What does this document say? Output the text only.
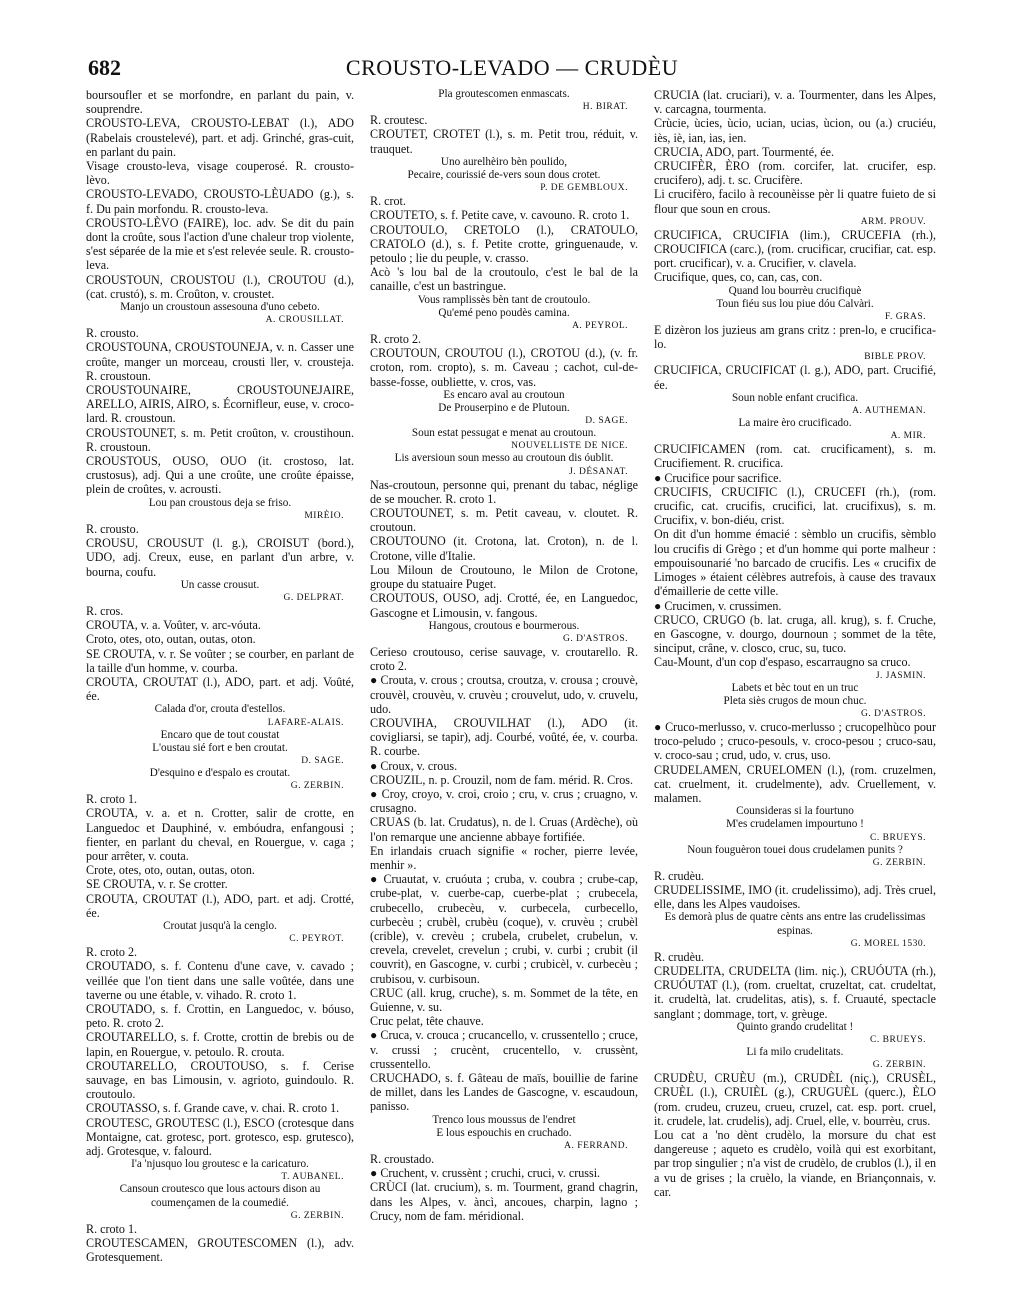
682	CROUSTO-LEVADO — CRUDÈU

boursoufler et se morfondre, en parlant du pain, v. souprendre.

CROUSTO-LEVA, CROUSTO-LEBAT (l.), ADO (Rabelais croustelevé), part. et adj. Grinché, gras-cuit, en parlant du pain.

Visage crousto-leva, visage couperosé. R. crousto-lèvo.

CROUSTO-LEVADO, CROUSTO-LÈUADO (g.), s. f. Du pain morfondu. R. crousto-leva.

CROUSTO-LÈVO (FAIRE), loc. adv. Se dit du pain dont la croûte, sous l'action d'une chaleur trop violente, s'est séparée de la mie et s'est relevée seule. R. crousto-leva.

CROUSTOUN, CROUSTOU (l.), CROUTOU (d.), (cat. crustó), s. m. Croûton, v. croustet.

Manjo un croustoun assesouna d'uno cebeto.

A. CROUSILLAT.

R. crousto.

CROUSTOUNA, CROUSTOUNEJA, v. n. Casser une croûte, manger un morceau, crousti ller, v. crousteja. R. croustoun.

CROUSTOUNAIRE, CROUSTOUNEJAIRE, ARELLO, AIRIS, AIRO, s. Écornifleur, euse, v. croco-lard. R. croustoun.

CROUSTOUNET, s. m. Petit croûton, v. croustihoun. R. croustoun.

CROUSTOUS, OUSO, OUO (it. crostoso, lat. crustosus), adj. Qui a une croûte, une croûte épaisse, plein de croûtes, v. acrousti.

Lou pan croustous deja se friso.

MIRÈIO.

R. crousto.

CROUSU, CROUSUT (l. g.), CROISUT (bord.), UDO, adj. Creux, euse, en parlant d'un arbre, v. bourna, coufu.

Un casse crousut.

G. DELPRAT.

R. cros.

CROUTA, v. a. Voûter, v. arc-vóuta.

Croto, otes, oto, outan, outas, oton.

SE CROUTA, v. r. Se voûter ; se courber, en parlant de la taille d'un homme, v. courba.

CROUTA, CROUTAT (l.), ADO, part. et adj. Voûté, ée.

Calada d'or, crouta d'estellos.

LAFARE-ALAIS.

Encaro que de tout coustat

L'oustau sié fort e ben croutat.

D. SAGE.

D'esquino e d'espalo es croutat.

G. ZERBIN.

R. croto 1.

CROUTA, v. a. et n. Crotter, salir de crotte, en Languedoc et Dauphiné, v. embóudra, enfangousi ; fienter, en parlant du cheval, en Rouergue, v. caga ; pour arrêter, v. couta.

Crote, otes, oto, outan, outas, oton.

SE CROUTA, v. r. Se crotter.

CROUTA, CROUTAT (l.), ADO, part. et adj. Crotté, ée.

Croutat jusqu'à la cenglo.

C. PEYROT.

R. croto 2.

CROUTADO, s. f. Contenu d'une cave, v. cavado ; veillée que l'on tient dans une salle voûtée, dans une taverne ou une étable, v. vihado. R. croto 1.

CROUTADO, s. f. Crottin, en Languedoc, v. bóuso, peto. R. croto 2.

CROUTARELLO, s. f. Crotte, crottin de brebis ou de lapin, en Rouergue, v. petoulo. R. crouta.

CROUTARELLO, CROUTOUSO, s. f. Cerise sauvage, en bas Limousin, v. agrioto, guindoulo. R. croutoulo.

CROUTASSO, s. f. Grande cave, v. chai. R. croto 1.

CROUTESC, GROUTESC (l.), ESCO (crotesque dans Montaigne, cat. grotesc, port. grotesco, esp. grutesco), adj. Grotesque, v. falourd.

I'a 'njusquo lou groutesc e la caricaturo.

T. AUBANEL.

Cansoun croutesco que lous actours dison au coumençamen de la coumedié.

G. ZERBIN.

R. croto 1.

CROUTESCAMEN, GROUTESCOMEN (l.), adv. Grotesquement.

Pla groutescomen enmascats.

H. BIRAT.

R. croutesc.

CROUTET, CROTET (l.), s. m. Petit trou, réduit, v. trauquet.

Uno aurelhèiro bèn poulido,

Pecaire, courissié de-vers soun dous crotet.

P. DE GEMBLOUX.

R. crot.

CROUTETO, s. f. Petite cave, v. cavouno. R. croto 1.

CROUTOULO, CRETOLO (l.), CRATOULO, CRATOLO (d.), s. f. Petite crotte, gringuenaude, v. petoulo ; lie du peuple, v. crasso.

Acò 's lou bal de la croutoulo, c'est le bal de la canaille, c'est un bastringue.

Vous ramplissès bèn tant de croutoulo.

Qu'emé peno poudès camina.

A. PEYROL.

R. croto 2.

CROUTOUN, CROUTOU (l.), CROTOU (d.), (v. fr. croton, rom. cropto), s. m. Caveau ; cachot, cul-de-basse-fosse, oubliette, v. cros, vas.

Es encaro aval au croutoun

De Prouserpino e de Plutoun.

D. SAGE.

Soun estat pessugat e menat au croutoun.

NOUVELLISTE DE NICE.

Lis aversioun soun messo au croutoun dis óublit.

J. DÉSANAT.

Nas-croutoun, personne qui, prenant du tabac, néglige de se moucher. R. croto 1.

CROUTOUNET, s. m. Petit caveau, v. cloutet. R. croutoun.

CROUTOUNO (it. Crotona, lat. Croton), n. de l. Crotone, ville d'Italie.

Lou Miloun de Croutouno, le Milon de Crotone, groupe du statuaire Puget.

CROUTOUS, OUSO, adj. Crotté, ée, en Languedoc, Gascogne et Limousin, v. fangous.

Hangous, croutous e bourmerous.

G. D'ASTROS.

Cerieso croutouso, cerise sauvage, v. croutarello. R. croto 2.

● Crouta, v. crous ; croutsa, croutza, v. crousa ; crouvè, crouvèl, crouvèu, v. cruvèu ; crouvelut, udo, v. cruvelu, udo.

CROUVIHA, CROUVILHAT (l.), ADO (it. covigliarsi, se tapir), adj. Courbé, voûté, ée, v. courba. R. courbe.

● Croux, v. crous.

CROUZIL, n. p. Crouzil, nom de fam. mérid. R. Cros.

● Croy, croyo, v. croi, croio ; cru, v. crus ; cruagno, v. crusagno.

CRUAS (b. lat. Crudatus), n. de l. Cruas (Ardèche), où l'on remarque une ancienne abbaye fortifiée.

En irlandais cruach signifie « rocher, pierre levée, menhir ».

● Cruautat, v. cruóuta ; cruba, v. coubra ; crube-cap, crube-plat, v. cuerbe-cap, cuerbe-plat ; crubecela, crubecello, crubecèu, v. curbecela, curbecello, curbecèu ; crubèl, crubèu (coque), v. cruvèu ; crubèl (crible), v. crevèu ; crubela, crubelet, crubelun, v. crevela, crevelet, crevelun ; crubi, v. curbi ; crubit (il couvrit), en Gascogne, v. curbi ; crubicèl, v. curbecèu ; crubisou, v. curbisoun.

CRUC (all. krug, cruche), s. m. Sommet de la tête, en Guienne, v. su.

Cruc pelat, tête chauve.

● Cruca, v. crouca ; crucancello, v. crussentello ; cruce, v. crussi ; crucènt, crucentello, v. crussènt, crussentello.

CRUCHADO, s. f. Gâteau de maïs, bouillie de farine de millet, dans les Landes de Gascogne, v. escaudoun, panisso.

Trenco lous moussus de l'endret

E lous espouchis en cruchado.

A. FERRAND.

R. croustado.

● Cruchent, v. crussènt ; cruchi, cruci, v. crussi.

CRÙCI (lat. crucium), s. m. Tourment, grand chagrin, dans les Alpes, v. àncì, ancoues, charpin, lagno ; Crucy, nom de fam. méridional.

CRUCIA (lat. cruciari), v. a. Tourmenter, dans les Alpes, v. carcagna, tourmenta.

Crùcie, ùcies, ùcio, ucian, ucias, ùcion, ou (a.) cruciéu, iès, iè, ian, ias, ien.

CRUCIA, ADO, part. Tourmenté, ée.

CRUCIFÈR, ÈRO (rom. corcifer, lat. crucifer, esp. crucifero), adj. t. sc. Crucifère.

Li crucifèro, facilo à recounèisse pèr li quatre fuieto de si flour que soun en crous.

ARM. PROUV.

CRUCIFICA, CRUCIFIA (lim.), CRUCEFIA (rh.), CROUCIFICA (carc.), (rom. crucificar, crucifiar, cat. esp. port. crucificar), v. a. Crucifier, v. clavela.

Crucifique, ques, co, can, cas, con.

Quand lou bourrèu crucifiquè

Toun fiéu sus lou piue dóu Calvàri.

F. GRAS.

E dizèron los juzieus am grans critz : pren-lo, e crucifica-lo.

BIBLE PROV.

CRUCIFICA, CRUCIFICAT (l. g.), ADO, part. Crucifié, ée.

Soun noble enfant crucifica.

A. AUTHEMAN.

La maire èro crucificado.

A. MIR.

CRUCIFICAMEN (rom. cat. crucificament), s. m. Crucifiement. R. crucifica.

● Crucifice pour sacrifice.

CRUCIFIS, CRUCIFIC (l.), CRUCEFI (rh.), (rom. crucific, cat. crucifis, crucifici, lat. crucifixus), s. m. Crucifix, v. bon-diéu, crist.

On dit d'un homme émacié : sèmblo un crucifis, sèmblo lou crucifis di Grègo ; et d'un homme qui porte malheur : empouisounarié 'no barcado de crucifis. Les « crucifix de Limoges » étaient célèbres autrefois, à cause des travaux d'émaillerie de cette ville.

● Crucimen, v. crussimen.

CRUCO, CRUGO (b. lat. cruga, all. krug), s. f. Cruche, en Gascogne, v. dourgo, dournoun ; sommet de la tête, sinciput, crâne, v. closco, cruc, su, tuco.

Cau-Mount, d'un cop d'espaso, escarraugno sa cruco.

J. JASMIN.

Labets et bèc tout en un truc

Pleta siès crugos de moun chuc.

G. D'ASTROS.

● Cruco-merlusso, v. cruco-merlusso ; crucopelhùco pour troco-peludo ; cruco-pesouls, v. croco-pesou ; cruco-sau, v. croco-sau ; crud, udo, v. crus, uso.

CRUDELAMEN, CRUELOMEN (l.), (rom. cruzelmen, cat. cruelment, it. crudelmente), adv. Cruellement, v. malamen.

Counsideras si la fourtuno

M'es crudelamen impourtuno !

C. BRUEYS.

Noun fouguèron touei dous crudelamen punits ?

G. ZERBIN.

R. crudèu.

CRUDELISSIME, IMO (it. crudelissimo), adj. Très cruel, elle, dans les Alpes vaudoises.

Es demorà plus de quatre cènts ans entre las crudelissimas espinas.

G. MOREL 1530.

R. crudèu.

CRUDELITA, CRUDELTA (lim. niç.), CRUÓUTA (rh.), CRUÓUTAT (l.), (rom. crueltat, cruzeltat, cat. crudeltat, it. crudeltà, lat. crudelitas, atis), s. f. Cruauté, spectacle sanglant ; dommage, tort, v. grèuge.

Quinto grando crudelitat !

C. BRUEYS.

Li fa milo crudelitats.

G. ZERBIN.

CRUDÈU, CRUÈU (m.), CRUDÈL (niç.), CRUSÈL, CRUÈL (l.), CRUIÈL (g.), CRUGUÈL (querc.), ÈLO (rom. crudeu, cruzeu, crueu, cruzel, cat. esp. port. cruel, it. crudele, lat. crudelis), adj. Cruel, elle, v. bourrèu, crus.

Lou cat a 'no dènt crudèlo, la morsure du chat est dangereuse ; aqueto es crudèlo, voilà qui est exorbitant, par trop singulier ; n'a vist de crudèlo, de crublos (l.), il en a vu de grises ; la cruèlo, la viande, en Briançonnais, v. car.
